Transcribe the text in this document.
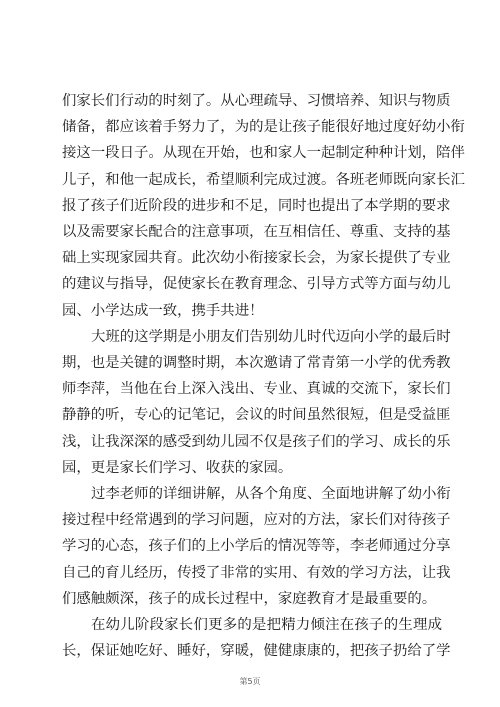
们家长们行动的时刻了。从心理疏导、习惯培养、知识与物质
储备，都应该着手努力了，为的是让孩子能很好地过度好幼小衔
接这一段日子。从现在开始，也和家人一起制定种种计划，陪伴
儿子，和他一起成长，希望顺利完成过渡。各班老师既向家长汇
报了孩子们近阶段的进步和不足，同时也提出了本学期的要求
以及需要家长配合的注意事项，在互相信任、尊重、支持的基
础上实现家园共育。此次幼小衔接家长会，为家长提供了专业
的建议与指导，促使家长在教育理念、引导方式等方面与幼儿
园、小学达成一致，携手共进！
大班的这学期是小朋友们告别幼儿时代迈向小学的最后时
期，也是关键的调整时期，本次邀请了常青第一小学的优秀教
师李萍，当他在台上深入浅出、专业、真诚的交流下，家长们
静静的听，专心的记笔记，会议的时间虽然很短，但是受益匪
浅，让我深深的感受到幼儿园不仅是孩子们的学习、成长的乐
园，更是家长们学习、收获的家园。
过李老师的详细讲解，从各个角度、全面地讲解了幼小衔
接过程中经常遇到的学习问题，应对的方法，家长们对待孩子
学习的心态，孩子们的上小学后的情况等等，李老师通过分享
自己的育儿经历，传授了非常的实用、有效的学习方法，让我
们感触颇深，孩子的成长过程中，家庭教育才是最重要的。
在幼儿阶段家长们更多的是把精力倾注在孩子的生理成
长，保证她吃好、睡好，穿暖，健健康康的，把孩子扔给了学
第5页
